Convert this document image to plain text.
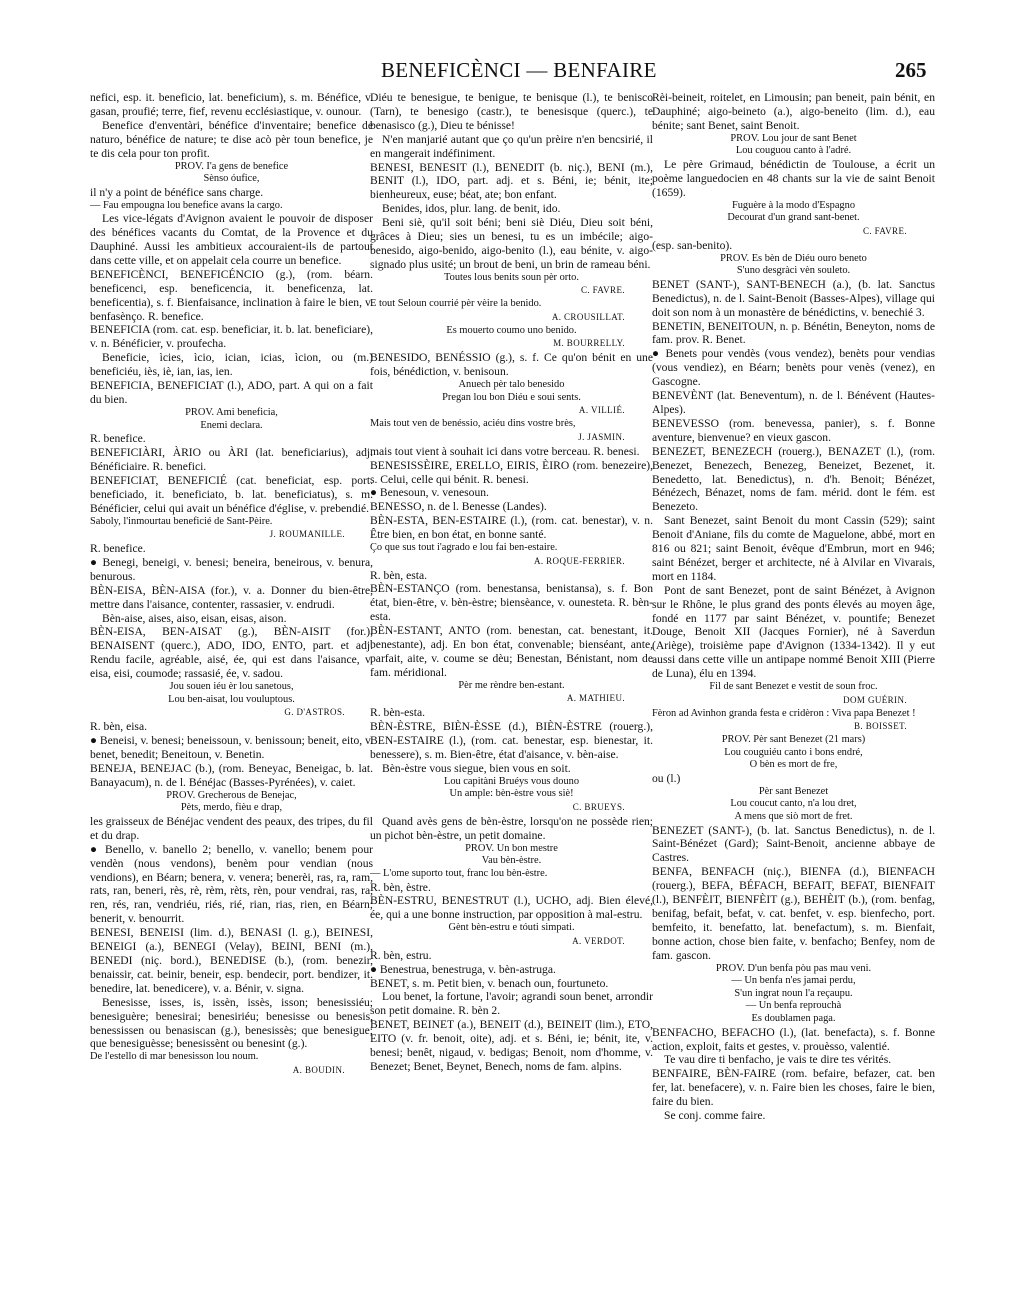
BENEFICÈNCI — BENFAIRE	265

nefici, esp. it. beneficio, lat. beneficium), s. m. Bénéfice, v. gasan, proufié; terre, fief, revenu ecclésiastique, v. ounour.

Benefice d'enventàri, bénéfice d'inventaire; benefice de naturo, bénéfice de nature; te dise acò pèr toun benefice, je te dis cela pour ton profit.

PROV. I'a gens de benefice

Sènso óufice,

il n'y a point de bénéfice sans charge.

— Fau empougna lou benefice avans la cargo.

Les vice-légats d'Avignon avaient le pouvoir de disposer des bénéfices vacants du Comtat, de la Provence et du Dauphiné. Aussi les ambitieux accouraient-ils de partout dans cette ville, et on appelait cela courre un benefice.

BENEFICÈNCI, BENEFICÉNCIO (g.), (rom. béarn. beneficenci, esp. beneficencia, it. beneficenza, lat. beneficentia), s. f. Bienfaisance, inclination à faire le bien, v. benfasènço. R. benefice.

BENEFICIA (rom. cat. esp. beneficiar, it. b. lat. beneficiare), v. n. Bénéficier, v. proufecha.

Beneficie, ìcies, ìcio, ician, icias, ìcion, ou (m.) beneficiéu, iès, iè, ian, ias, ien.

BENEFICIA, BENEFICIAT (l.), ADO, part. A qui on a fait du bien.

PROV. Ami beneficia,

Enemi declara.

R. benefice.

BENEFICIÀRI, ÀRIO ou ÀRI (lat. beneficiarius), adj. Bénéficiaire. R. benefici.

BENEFICIAT, BENEFICIÉ (cat. beneficiat, esp. port. beneficiado, it. beneficiato, b. lat. beneficiatus), s. m. Bénéficier, celui qui avait un bénéfice d'église, v. prebendié.

Saboly, l'inmourtau beneficié de Sant-Pèire.

J. ROUMANILLE.

R. benefice.

● Benegi, beneigi, v. benesi; beneira, beneirous, v. benura, benurous.

BÈN-EISA, BÈN-AISA (for.), v. a. Donner du bien-être, mettre dans l'aisance, contenter, rassasier, v. endrudi.

Bèn-aise, aises, aiso, eisan, eisas, aison.

BÈN-EISA, BEN-AISAT (g.), BÈN-AISIT (for.), BENAISENT (querc.), ADO, IDO, ENTO, part. et adj. Rendu facile, agréable, aisé, ée, qui est dans l'aisance, v. eisa, eisi, coumode; rassasié, ée, v. sadou.

Jou souen iéu èr lou sanetous,

Lou ben-aisat, lou vouluptous.

G. D'ASTROS.

R. bèn, eisa.

● Beneisi, v. benesi; beneissoun, v. benissoun; beneit, eito, v. benet, benedit; Beneitoun, v. Benetin.

BENEJA, BENEJAC (b.), (rom. Beneyac, Beneigac, b. lat. Banayacum), n. de l. Bénéjac (Basses-Pyrénées), v. caiet.

PROV. Grecherous de Benejac,

Pèts, merdo, fièu e drap,

les graisseux de Bénéjac vendent des peaux, des tripes, du fil et du drap.

● Benello, v. banello 2; benello, v. vanello; benem pour vendèn (nous vendons), benèm pour vendian (nous vendions), en Béarn; benera, v. venera; benerèi, ras, ra, ram, rats, ran, beneri, rès, rè, rèm, rèts, rèn, pour vendrai, ras, ra, ren, rés, ran, vendriéu, riés, rié, rian, rias, rien, en Béarn; benerit, v. benourrit.

BENESI, BENEISI (lim. d.), BENASI (l. g.), BEINESI, BENEIGI (a.), BENEGI (Velay), BEINI, BENI (m.), BENEDI (niç. bord.), BENEDISE (b.), (rom. benezir, benaissir, cat. beinir, beneir, esp. bendecir, port. bendizer, it. benedire, lat. benedicere), v. a. Bénir, v. signa.

Benesisse, isses, is, issèn, issès, isson; benesissiéu; benesiguère; benesirai; benesiriéu; benesisse ou benesis, benessissen ou benasiscan (g.), benesissès; que benesigue; que benesiguèsse; benesissènt ou benesint (g.).

De l'estello di mar benesisson lou noum.

A. BOUDIN.

Diéu te benesigue, te benigue, te benisque (l.), te benisco (Tarn), te benesigo (castr.), te benesisque (querc.), te benasisco (g.), Dieu te bénisse!

N'en manjarié autant que ço qu'un prèire n'en bencsirié, il en mangerait indéfiniment.

BENESI, BENESIT (l.), BENEDIT (b. niç.), BENI (m.), BENIT (l.), IDO, part. adj. et s. Béni, ie; bénit, ite; bienheureux, euse; béat, ate; bon enfant.

Benides, idos, plur. lang. de benit, ido.

Beni siè, qu'il soit béni; beni siè Diéu, Dieu soit béni, grâces à Dieu; sies un benesi, tu es un imbécile; aigo-benesido, aigo-benido, aigo-benito (l.), eau bénite, v. aigo-signado plus usité; un brout de beni, un brin de rameau béni.

Toutes lous benits soun pèr orto.

C. FAVRE.

E tout Seloun courrié pèr vèire la benido.

A. CROUSILLAT.

Es mouerto coumo uno benido.

M. BOURRELLY.

BENESIDO, BENÉSSIO (g.), s. f. Ce qu'on bénit en une fois, bénédiction, v. benisoun.

Anuech pèr talo benesido

Pregan lou bon Diéu e soui sents.

A. VILLIÉ.

Mais tout ven de benéssio, aciéu dins vostre brès,

J. JASMIN.

mais tout vient à souhait ici dans votre berceau. R. benesi.

BENESISSÈIRE, ERELLO, EIRIS, ÈIRO (rom. benezeire), s. Celui, celle qui bénit. R. benesi.

● Benesoun, v. venesoun.

BENESSO, n. de l. Benesse (Landes).

BÈN-ESTA, BEN-ESTAIRE (l.), (rom. cat. benestar), v. n. Être bien, en bon état, en bonne santé.

Ço que sus tout i'agrado e lou fai ben-estaire.

A. ROQUE-FERRIER.

R. bèn, esta.

BÈN-ESTANÇO (rom. benestansa, benistansa), s. f. Bon état, bien-être, v. bèn-èstre; biensèance, v. ounesteta. R. bèn-esta.

BÈN-ESTANT, ANTO (rom. benestan, cat. benestant, it. benestante), adj. En bon état, convenable; bienséant, ante, parfait, aite, v. coume se dèu; Benestan, Bénistant, nom de fam. méridional.

Pèr me rèndre ben-estant.

A. MATHIEU.

R. bèn-esta.

BÈN-ÈSTRE, BIÈN-ÈSSE (d.), BIÈN-ÈSTRE (rouerg.), BEN-ESTAIRE (l.), (rom. cat. benestar, esp. bienestar, it. benessere), s. m. Bien-être, état d'aisance, v. bèn-aise.

Bèn-èstre vous siegue, bien vous en soit.

Lou capitàni Bruéys vous douno

Un ample: bèn-èstre vous siè!

C. BRUEYS.

Quand avès gens de bèn-èstre, lorsqu'on ne possède rien; un pichot bèn-èstre, un petit domaine.

PROV. Un bon mestre

Vau bèn-èstre.

— L'ome suporto tout, franc lou bèn-èstre.

R. bèn, èstre.

BÈN-ESTRU, BENESTRUT (l.), UCHO, adj. Bien élevé, ée, qui a une bonne instruction, par opposition à mal-estru.

Gènt bèn-estru e tóuti simpati.

A. VERDOT.

R. bèn, estru.

● Benestrua, benestruga, v. bèn-astruga.

BENET, s. m. Petit bien, v. benach oun, fourtuneto.

Lou benet, la fortune, l'avoir; agrandi soun benet, arrondir son petit domaine. R. bèn 2.

BENET, BEINET (a.), BENEIT (d.), BEINEIT (lim.), ETO, EITO (v. fr. benoit, oite), adj. et s. Béni, ie; bénit, ite, v. benesi; benêt, nigaud, v. bedigas; Benoit, nom d'homme, v. Benezet; Benet, Beynet, Benech, noms de fam. alpins.

Rèi-beineit, roitelet, en Limousin; pan beneit, pain bénit, en Dauphiné; aigo-beineto (a.), aigo-beneito (lim. d.), eau bénite; sant Benet, saint Benoit.

PROV. Lou jour de sant Benet

Lou couguou canto à l'adré.

Le père Grimaud, bénédictin de Toulouse, a écrit un poème languedocien en 48 chants sur la vie de saint Benoit (1659).

Fuguère à la modo d'Espagno

Decourat d'un grand sant-benet.

C. FAVRE.

(esp. san-benito).

PROV. Es bèn de Diéu ouro beneto

S'uno desgràci vèn souleto.

BENET (SANT-), SANT-BENECH (a.), (b. lat. Sanctus Benedictus), n. de l. Saint-Benoit (Basses-Alpes), village qui doit son nom à un monastère de bénédictins, v. benechié 3.

BENETIN, BENEITOUN, n. p. Bénétin, Beneyton, noms de fam. prov. R. Benet.

● Benets pour vendès (vous vendez), benèts pour vendias (vous vendiez), en Béarn; benèts pour venès (venez), en Gascogne.

BENEVÈNT (lat. Beneventum), n. de l. Bénévent (Hautes-Alpes).

BENEVESSO (rom. benevessa, panier), s. f. Bonne aventure, bienvenue? en vieux gascon.

BENEZET, BENEZECH (rouerg.), BENAZET (l.), (rom. Benezet, Benezech, Benezeg, Beneizet, Bezenet, it. Benedetto, lat. Benedictus), n. d'h. Benoit; Bénézet, Bénézech, Bénazet, noms de fam. mérid. dont le fém. est Benezeto.

Sant Benezet, saint Benoit du mont Cassin (529); saint Benoit d'Aniane, fils du comte de Maguelone, abbé, mort en 816 ou 821; saint Benoit, évêque d'Embrun, mort en 946; saint Bénézet, berger et architecte, né à Alvilar en Vivarais, mort en 1184.

Pont de sant Benezet, pont de saint Bénézet, à Avignon sur le Rhône, le plus grand des ponts élevés au moyen âge, fondé en 1177 par saint Bénézet, v. pountife; Benezet Douge, Benoit XII (Jacques Fornier), né à Saverdun (Ariège), troisième pape d'Avignon (1334-1342). Il y eut aussi dans cette ville un antipape nommé Benoit XIII (Pierre de Luna), élu en 1394.

Fil de sant Benezet e vestit de soun froc.

DOM GUÉRIN.

Fèron ad Avinhon granda festa e cridèron : Viva papa Benezet !

B. BOISSET.

PROV. Pèr sant Benezet (21 mars)

Lou couguiéu canto i bons endré,

O bèn es mort de fre,

ou (l.)

Pèr sant Benezet

Lou coucut canto, n'a lou dret,

A mens que siò mort de fret.

BENEZET (SANT-), (b. lat. Sanctus Benedictus), n. de l. Saint-Bénézet (Gard); Saint-Benoit, ancienne abbaye de Castres.

BENFA, BENFACH (niç.), BIENFA (d.), BIENFACH (rouerg.), BEFA, BÉFACH, BEFAIT, BEFAT, BIENFAIT (l.), BENFÈIT, BIENFÈIT (g.), BEHÈIT (b.), (rom. benfag, benifag, befait, befat, v. cat. benfet, v. esp. bienfecho, port. bemfeito, it. benefatto, lat. benefactum), s. m. Bienfait, bonne action, chose bien faite, v. benfacho; Benfey, nom de fam. gascon.

PROV. D'un benfa pòu pas mau veni.

— Un benfa n'es jamai perdu,

S'un ingrat noun l'a reçaupu.

— Un benfa reprouchà

Es doublamen paga.

BENFACHO, BEFACHO (l.), (lat. benefacta), s. f. Bonne action, exploit, faits et gestes, v. prouèsso, valentié.

Te vau dire ti benfacho, je vais te dire tes vérités.

BENFAIRE, BÈN-FAIRE (rom. befaire, befazer, cat. ben fer, lat. benefacere), v. n. Faire bien les choses, faire le bien, faire du bien.

Se conj. comme faire.
